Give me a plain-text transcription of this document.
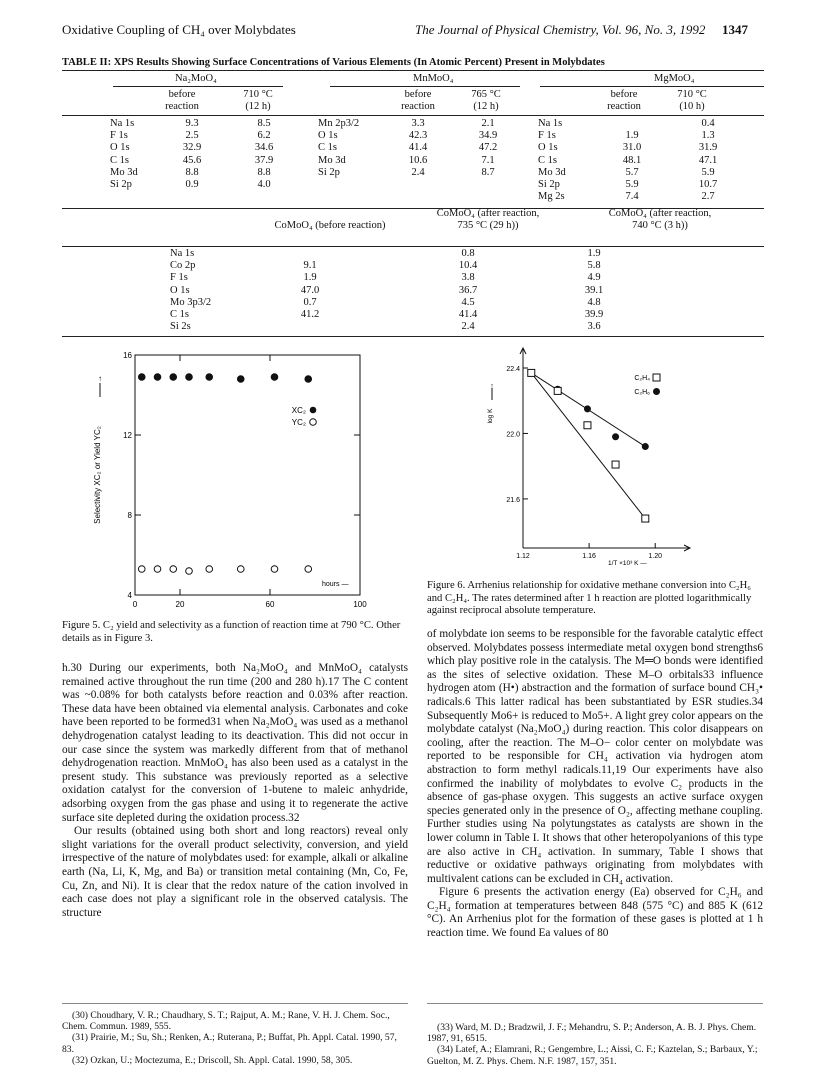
Oxidative Coupling of CH₄ over Molybdates	The Journal of Physical Chemistry, Vol. 96, No. 3, 1992 1347
TABLE II: XPS Results Showing Surface Concentrations of Various Elements (In Atomic Percent) Present in Molybdates
Na₂MoO₄	MnMoO₄	MgMoO₄
before reaction
710 °C (12 h)
before reaction
765 °C (12 h)
before reaction
710 °C (10 h)
Na 1s	9.3	8.5
F 1s	2.5	6.2
O 1s	32.9	34.6
C 1s	45.6	37.9
Mo 3d	8.8	8.8
Si 2p	0.9	4.0
Mn 2p3/2	3.3	2.1

O 1s	42.3	34.9
C 1s	41.4	47.2
Mo 3d	10.6	7.1
Si 2p	2.4	8.7
Na 1s		0.4
F 1s	1.9	1.3
O 1s	31.0	31.9
C 1s	48.1	47.1
Mo 3d	5.7	5.9
Si 2p	5.9	10.7
Mg 2s	7.4	2.7
CoMoO₄ (before reaction)
CoMoO₄ (after reaction, 735 °C (29 h))
CoMoO₄ (after reaction, 740 °C (3 h))
Na 1s		0.8	1.9
Co 2p	9.1	10.4	5.8
F 1s	1.9	3.8	4.9
O 1s	47.0	36.7	39.1
Mo 3p3/2	0.7	4.5	4.8
C 1s	41.2	41.4	39.9
Si 2s		2.4	3.6
0	20	60	100
4
8
12
16
hours —
Selectivity XC₂ or Yield YC₂
↑
XC₂
YC₂
Figure 5. C₂ yield and selectivity as a function of reaction time at 790 °C. Other details as in Figure 3.
1.12	1.16	1.20
21.6
22.0
22.4
log K
↑
1/T ×10³ K —
C₂H₄
C₂H₆
Figure 6. Arrhenius relationship for oxidative methane conversion into C₂H₆ and C₂H₄. The rates determined after 1 h reaction are plotted logarithmically against reciprocal absolute temperature.

h.30 During our experiments, both Na₂MoO₄ and MnMoO₄ catalysts remained active throughout the run time (200 and 280 h).17 The C content was ~0.08% for both catalysts before reaction and 0.03% after reaction. These data have been obtained via elemental analysis. Carbonates and coke have been reported to be formed31 when Na₂MoO₄ was used as a methanol dehydrogenation catalyst leading to its deactivation. This did not occur in our case since the system was markedly different from that of methanol dehydrogenation reaction. MnMoO₄ has also been used as a catalyst in the present study. This substance was previously reported as a selective oxidation catalyst for the conversion of 1-butene to maleic anhydride, adsorbing oxygen from the gas phase and using it to regenerate the active surface site depleted during the oxidation process.32

Our results (obtained using both short and long reactors) reveal only slight variations for the overall product selectivity, conversion, and yield irrespective of the nature of molybdates used: for example, alkali or alkaline earth (Na, Li, K, Mg, and Ba) or transition metal containing (Mn, Co, Fe, Cu, Zn, and Ni). It is clear that the redox nature of the cation involved in each case does not play a significant role in the observed catalysis. The structure

of molybdate ion seems to be responsible for the favorable catalytic effect observed. Molybdates possess intermediate metal oxygen bond strengths6 which play positive role in the catalysis. The M═O bonds were identified as the sites of selective oxidation. These M–O orbitals33 influence hydrogen atom (H•) abstraction and the formation of surface bound CH₃• radicals.6 This latter radical has been substantiated by ESR studies.34 Subsequently Mo6+ is reduced to Mo5+. A light grey color appears on the molybdate catalyst (Na₂MoO₄) during reaction. This color disappears on cooling, after the reaction. The M–O− color center on molybdate was reported to be responsible for CH₄ activation via hydrogen atom abstraction to form methyl radicals.11,19 Our experiments have also confirmed the inability of molybdates to evolve C₂ products in the absence of gas-phase oxygen. This suggests an active surface oxygen species generated only in the presence of O₂, affecting methane coupling. Further studies using Na polytungstates as catalysts are shown in the lower column in Table I. It shows that other heteropolyanions of this type are also active in CH₄ activation. In summary, Table I shows that reductive or oxidative pathways originating from molybdates with multivalent cations can be excluded in CH₄ activation.

Figure 6 presents the activation energy (Ea) observed for C₂H₆ and C₂H₄ formation at temperatures between 848 (575 °C) and 885 K (612 °C). An Arrhenius plot for the formation of these gases is plotted at 1 h reaction time. We found Ea values of 80

(30) Choudhary, V. R.; Chaudhary, S. T.; Rajput, A. M.; Rane, V. H. J. Chem. Soc., Chem. Commun. 1989, 555.

(31) Prairie, M.; Su, Sh.; Renken, A.; Ruterana, P.; Buffat, Ph. Appl. Catal. 1990, 57, 83.

(32) Ozkan, U.; Moctezuma, E.; Driscoll, Sh. Appl. Catal. 1990, 58, 305.

(33) Ward, M. D.; Bradzwil, J. F.; Mehandru, S. P.; Anderson, A. B. J. Phys. Chem. 1987, 91, 6515.

(34) Latef, A.; Elamrani, R.; Gengembre, L.; Aissi, C. F.; Kaztelan, S.; Barbaux, Y.; Guelton, M. Z. Phys. Chem. N.F. 1987, 157, 351.
